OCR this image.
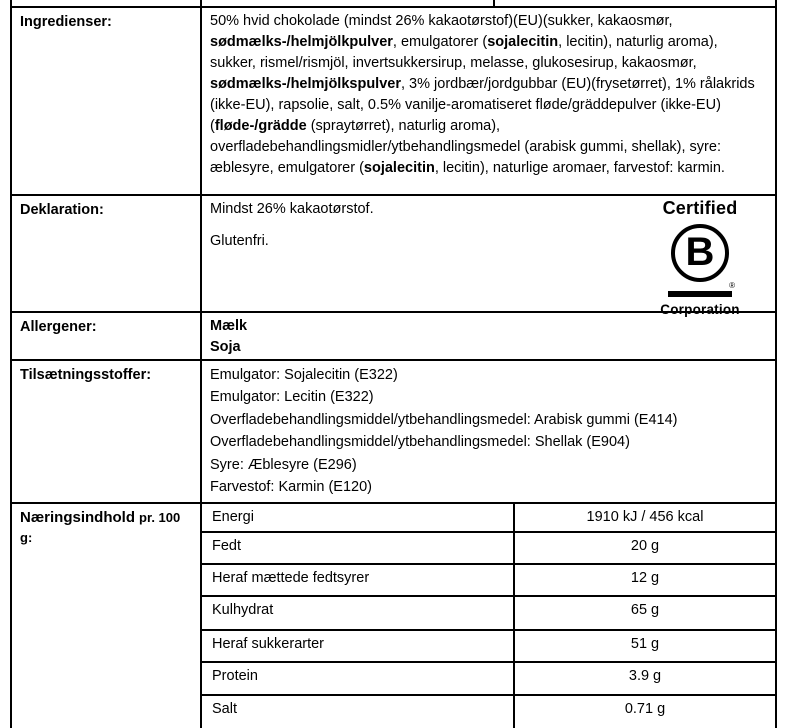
Ingredienser:	50% hvid chokolade (mindst 26% kakaotørstof)(EU)(sukker, kakaosmør, sødmælks-/helmjölkpulver, emulgatorer (sojalecitin, lecitin), naturlig aroma), sukker, rismel/rismjöl, invertsukkersirup, melasse, glukosesirup, kakaosmør, sødmælks-/helmjölkspulver, 3% jordbær/jordgubbar (EU)(frysetørret), 1% rålakrids (ikke-EU), rapsolie, salt, 0.5% vanilje-aromatiseret fløde/gräddepulver (ikke-EU)(fløde-/grädde (spraytørret), naturlig aroma), overfladebehandlingsmidler/ytbehandlingsmedel (arabisk gummi, shellak), syre: æblesyre, emulgatorer (sojalecitin, lecitin), naturlige aromaer, farvestof: karmin.
Deklaration:	Mindst 26% kakaotørstof.
Glutenfri.
Certified
B
®
Corporation
Allergener:	Mælk
Soja
Tilsætningsstoffer:	Emulgator: Sojalecitin (E322)
Emulgator: Lecitin (E322)
Overfladebehandlingsmiddel/ytbehandlingsmedel: Arabisk gummi (E414)
Overfladebehandlingsmiddel/ytbehandlingsmedel: Shellak (E904)
Syre: Æblesyre (E296)
Farvestof: Karmin (E120)
Næringsindhold pr. 100 g:
Energi	1910 kJ / 456 kcal
Fedt	20 g
Heraf mættede fedtsyrer	12 g
Kulhydrat	65 g
Heraf sukkerarter	51 g
Protein	3.9 g
Salt	0.71 g
